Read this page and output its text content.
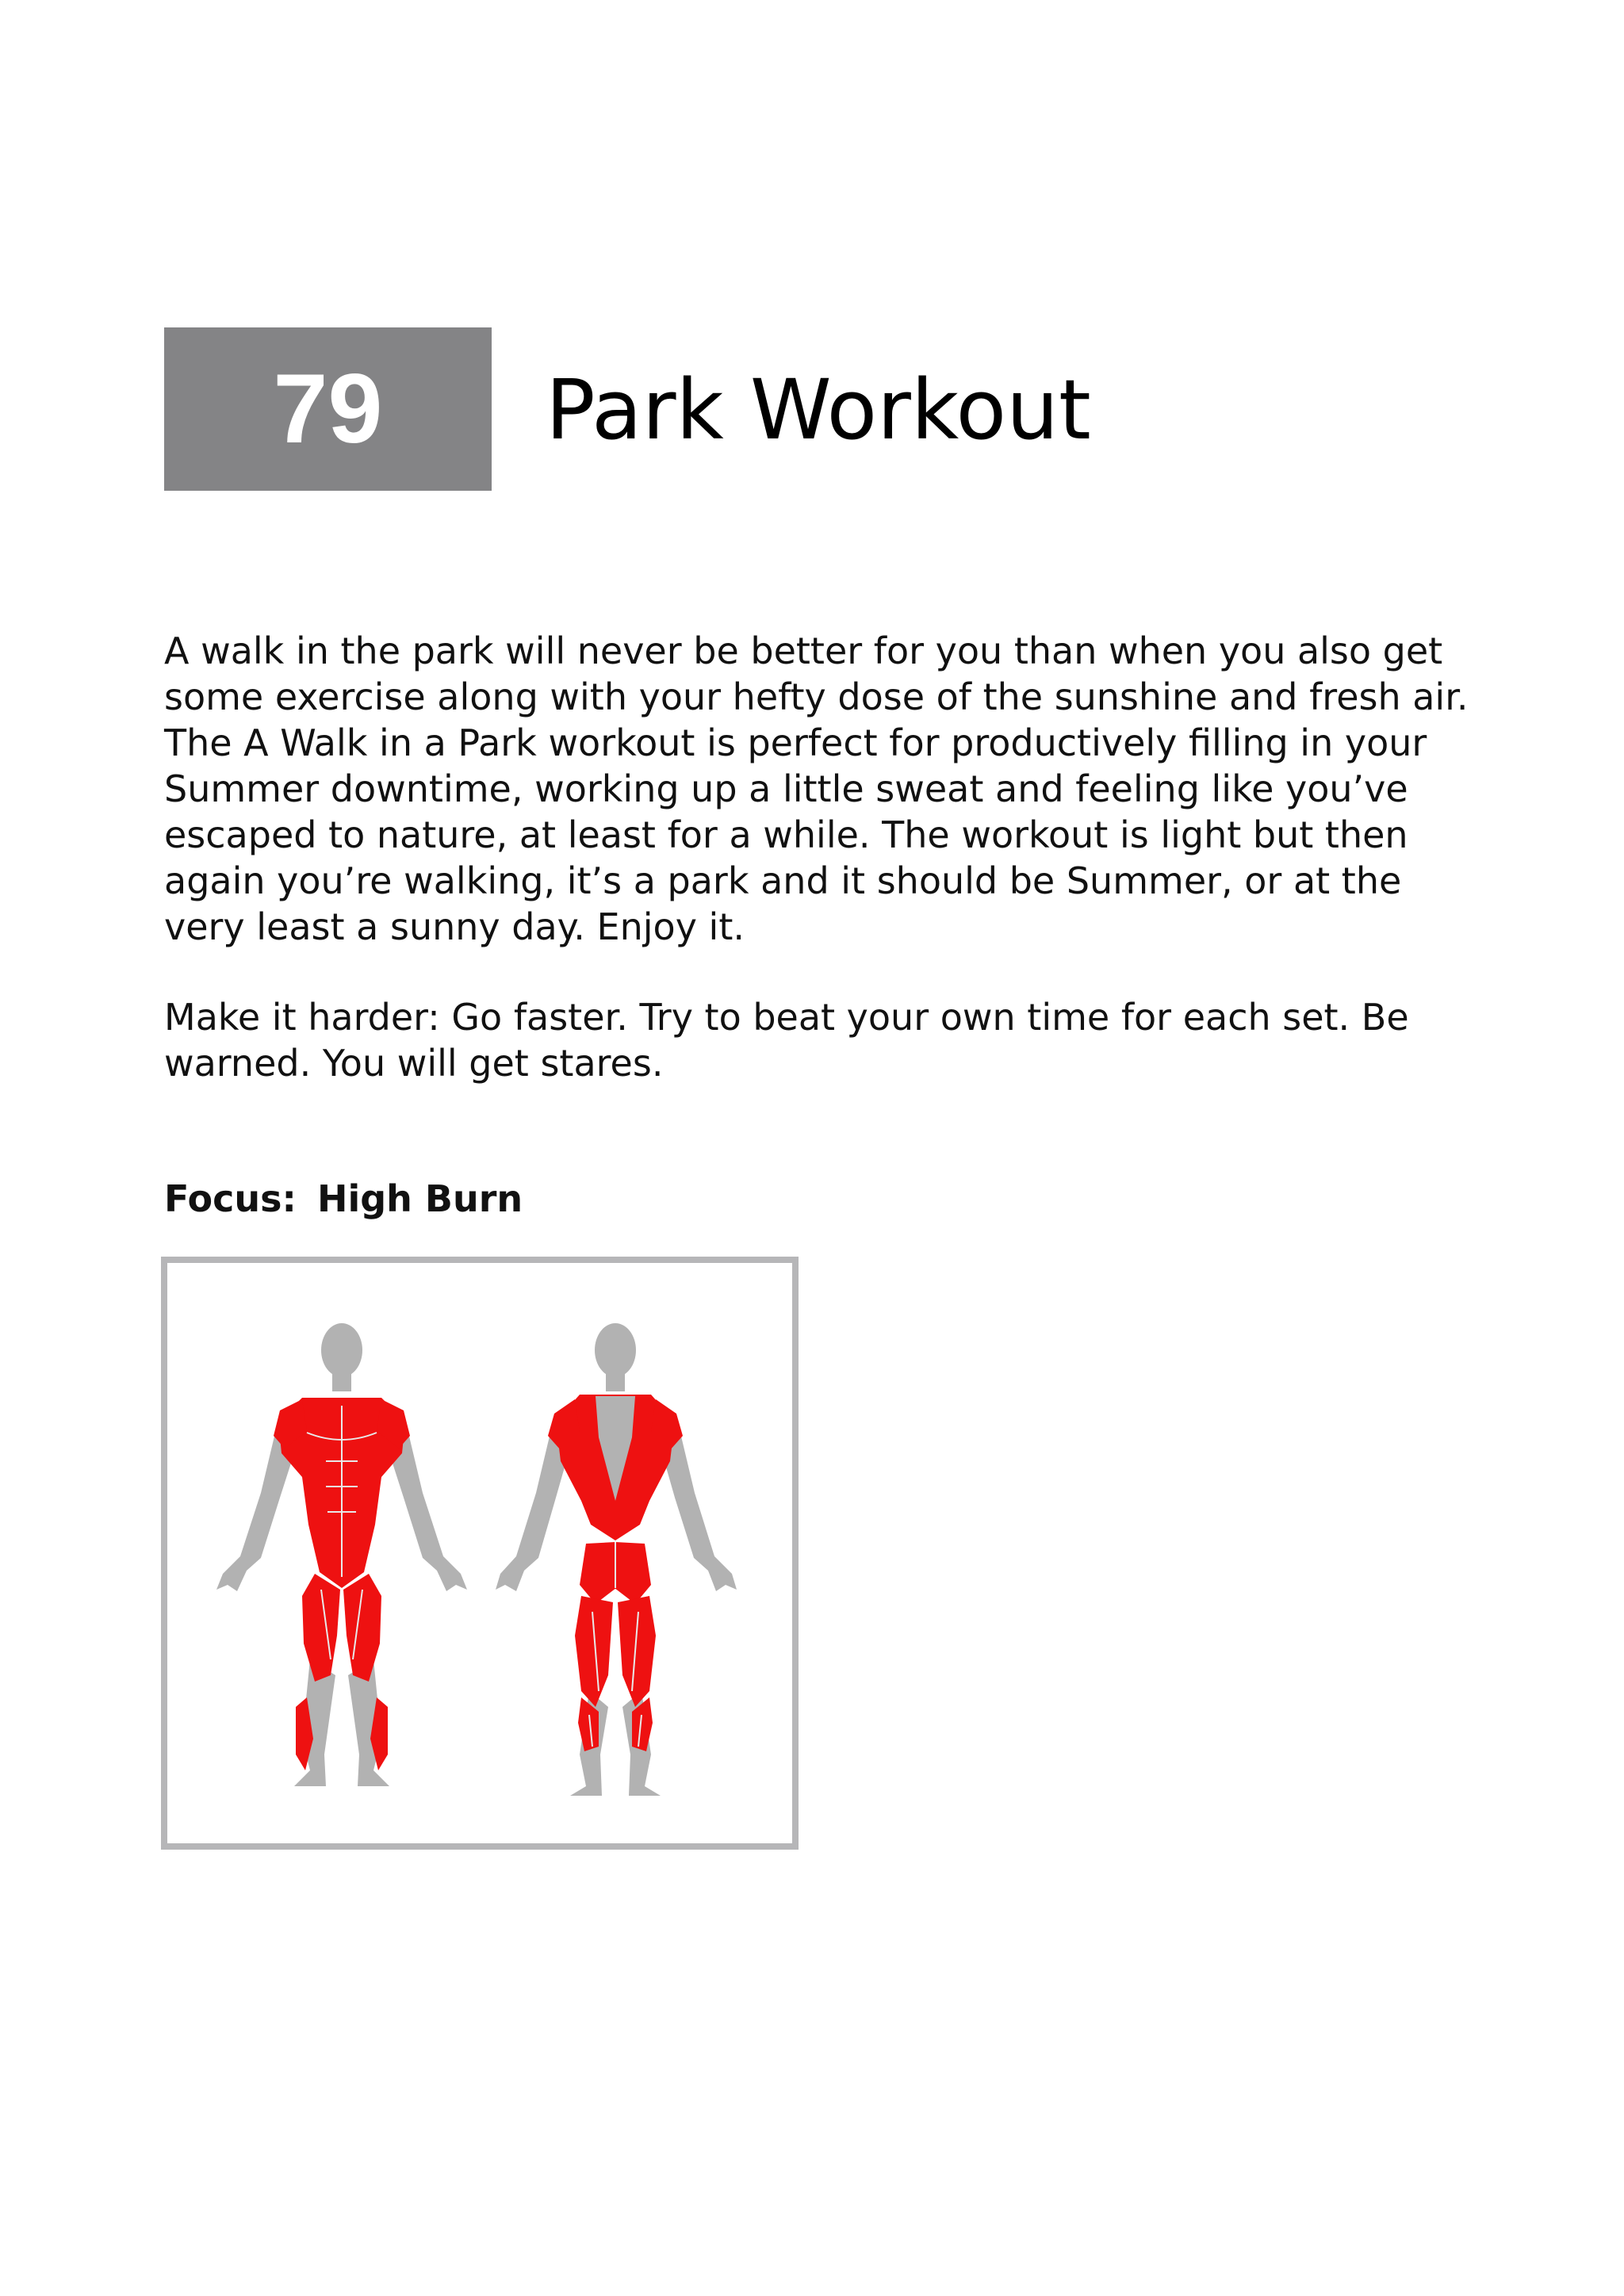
79 Park Workout

A walk in the park will never be better for you than when you also get some exercise along with your hefty dose of the sunshine and fresh air. The A Walk in a Park workout is perfect for productively filling in your Summer downtime, working up a little sweat and feeling like you’ve escaped to nature, at least for a while. The workout is light but then again you’re walking, it’s a park and it should be Summer, or at the very least a sunny day. Enjoy it.

Make it harder: Go faster. Try to beat your own time for each set. Be warned. You will get stares.

Focus: High Burn
